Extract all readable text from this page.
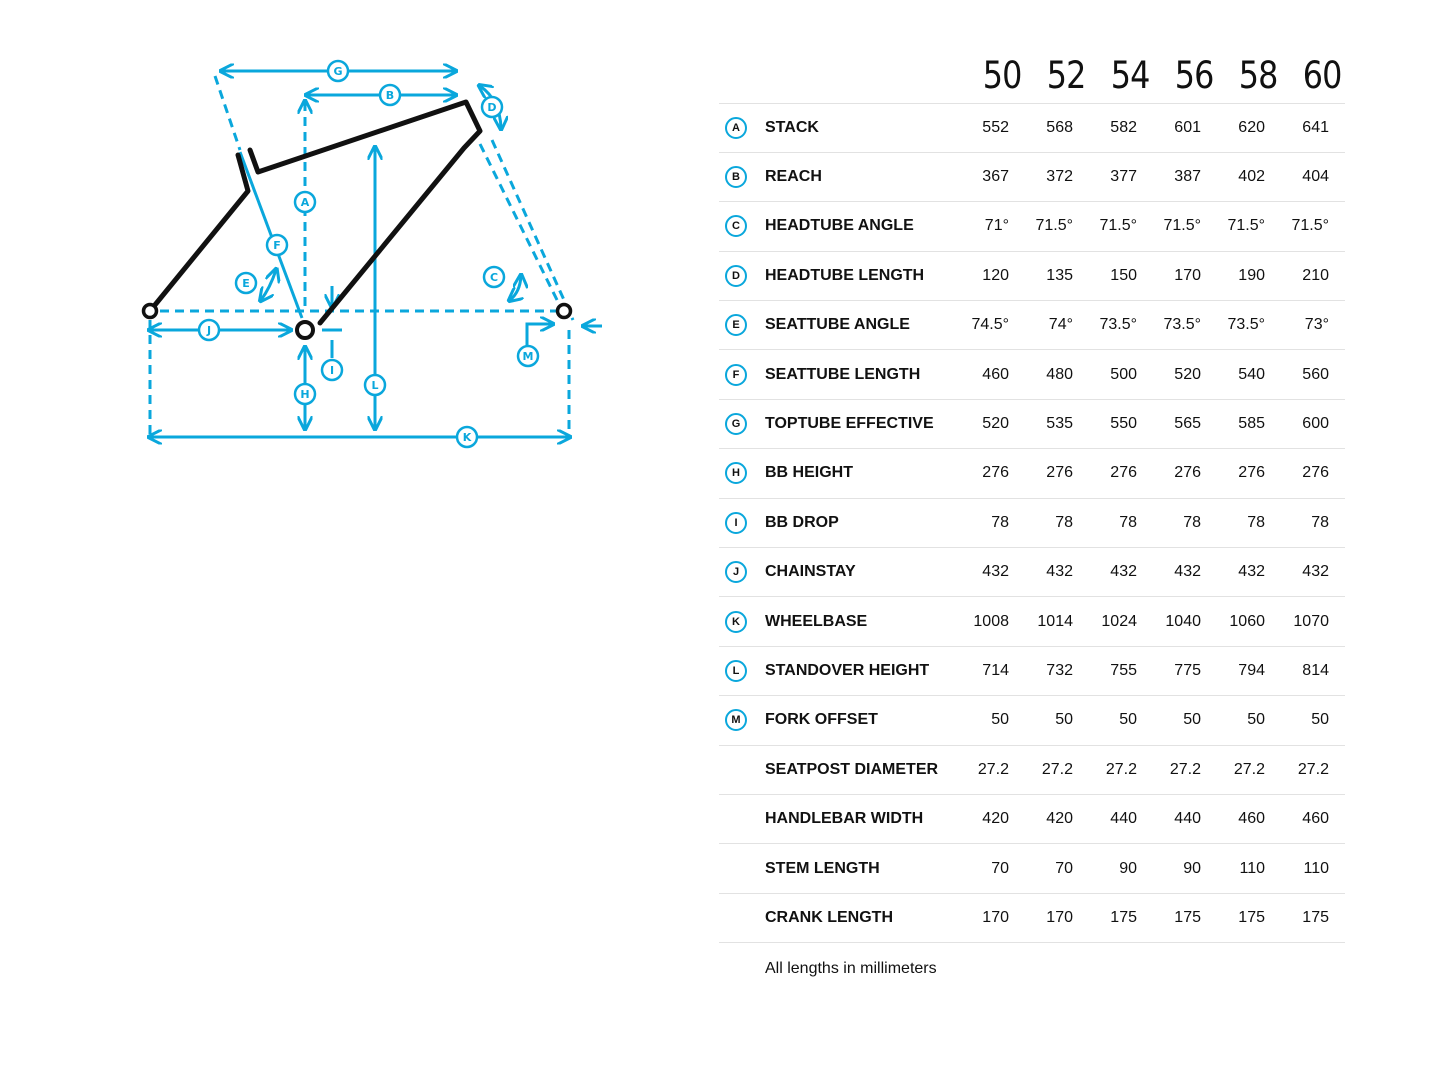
G
B
D
A
F
E	C
J
I
H
L
M
K
		50	52	54	56	58	60
A	STACK	552	568	582	601	620	641
B	REACH	367	372	377	387	402	404
C	HEADTUBE ANGLE	71°	71.5°	71.5°	71.5°	71.5°	71.5°
D	HEADTUBE LENGTH	120	135	150	170	190	210
E	SEATTUBE ANGLE	74.5°	74°	73.5°	73.5°	73.5°	73°
F	SEATTUBE LENGTH	460	480	500	520	540	560
G	TOPTUBE EFFECTIVE	520	535	550	565	585	600
H	BB HEIGHT	276	276	276	276	276	276
I	BB DROP	78	78	78	78	78	78
J	CHAINSTAY	432	432	432	432	432	432
K	WHEELBASE	1008	1014	1024	1040	1060	1070
L	STANDOVER HEIGHT	714	732	755	775	794	814
M	FORK OFFSET	50	50	50	50	50	50
	SEATPOST DIAMETER	27.2	27.2	27.2	27.2	27.2	27.2
	HANDLEBAR WIDTH	420	420	440	440	460	460
	STEM LENGTH	70	70	90	90	110	110
	CRANK LENGTH	170	170	175	175	175	175
	All lengths in millimeters						
